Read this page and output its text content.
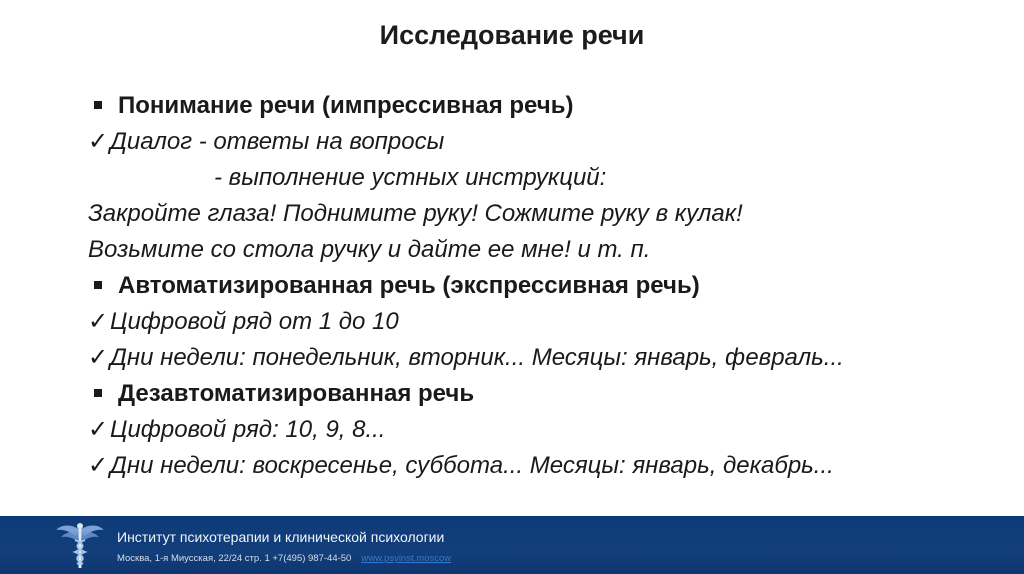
Исследование речи
Понимание речи (импрессивная речь)
✓Диалог - ответы на вопросы
- выполнение устных инструкций:
Закройте глаза! Поднимите руку! Сожмите руку в кулак!
Возьмите со стола ручку и дайте ее мне! и т. п.
Автоматизированная речь (экспрессивная речь)
✓Цифровой ряд от 1 до 10
✓Дни недели: понедельник, вторник... Месяцы: январь, февраль...
Дезавтоматизированная речь
✓Цифровой ряд: 10, 9, 8...
✓Дни недели: воскресенье, суббота... Месяцы: январь, декабрь...
Институт психотерапии и клинической психологии
Москва, 1-я Миусская, 22/24 стр. 1 +7(495) 987-44-50 www.psyinst.moscow
